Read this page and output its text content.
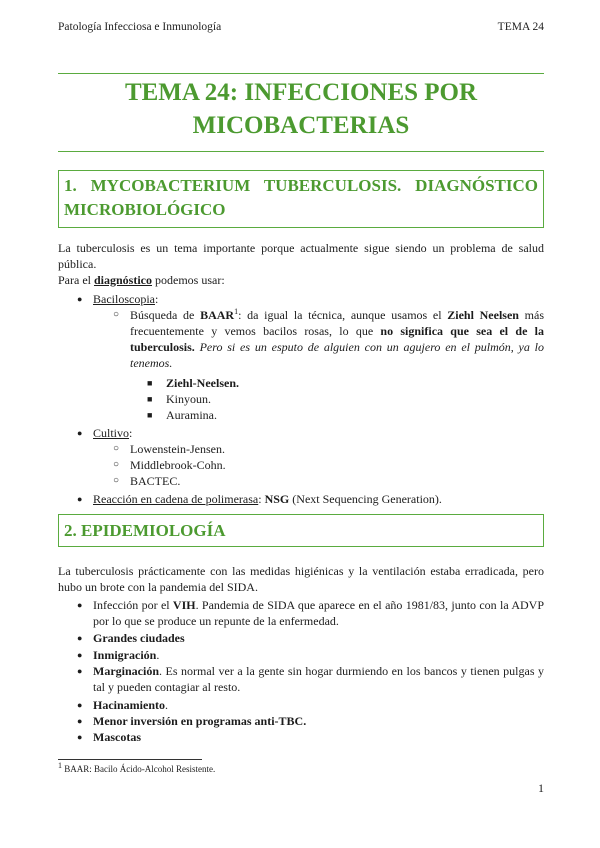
Patología Infecciosa e Inmunología	TEMA 24
TEMA 24: INFECCIONES POR
MICOBACTERIAS
1. MYCOBACTERIUM TUBERCULOSIS. DIAGNÓSTICO MICROBIOLÓGICO

La tuberculosis es un tema importante porque actualmente sigue siendo un problema de salud pública.

Para el diagnóstico podemos usar:

● Baciloscopia:
○ Búsqueda de BAAR$^1$: da igual la técnica, aunque usamos el Ziehl Neelsen más frecuentemente y vemos bacilos rosas, lo que no significa que sea el de la tuberculosis. Pero si es un esputo de alguien con un agujero en el pulmón, ya lo tenemos.
■ Ziehl-Neelsen.
■ Kinyoun.
■ Auramina.
● Cultivo:
○ Lowenstein-Jensen.
○ Middlebrook-Cohn.
○ BACTEC.
● Reacción en cadena de polimerasa: NSG (Next Sequencing Generation).
2. EPIDEMIOLOGÍA

La tuberculosis prácticamente con las medidas higiénicas y la ventilación estaba erradicada, pero hubo un brote con la pandemia del SIDA.

● Infección por el VIH. Pandemia de SIDA que aparece en el año 1981/83, junto con la ADVP por lo que se produce un repunte de la enfermedad.
● Grandes ciudades
● Inmigración.
● Marginación. Es normal ver a la gente sin hogar durmiendo en los bancos y tienen pulgas y tal y pueden contagiar al resto.
● Hacinamiento.
● Menor inversión en programas anti-TBC.
● Mascotas
$^1$ BAAR: Bacilo Ácido-Alcohol Resistente.
1
